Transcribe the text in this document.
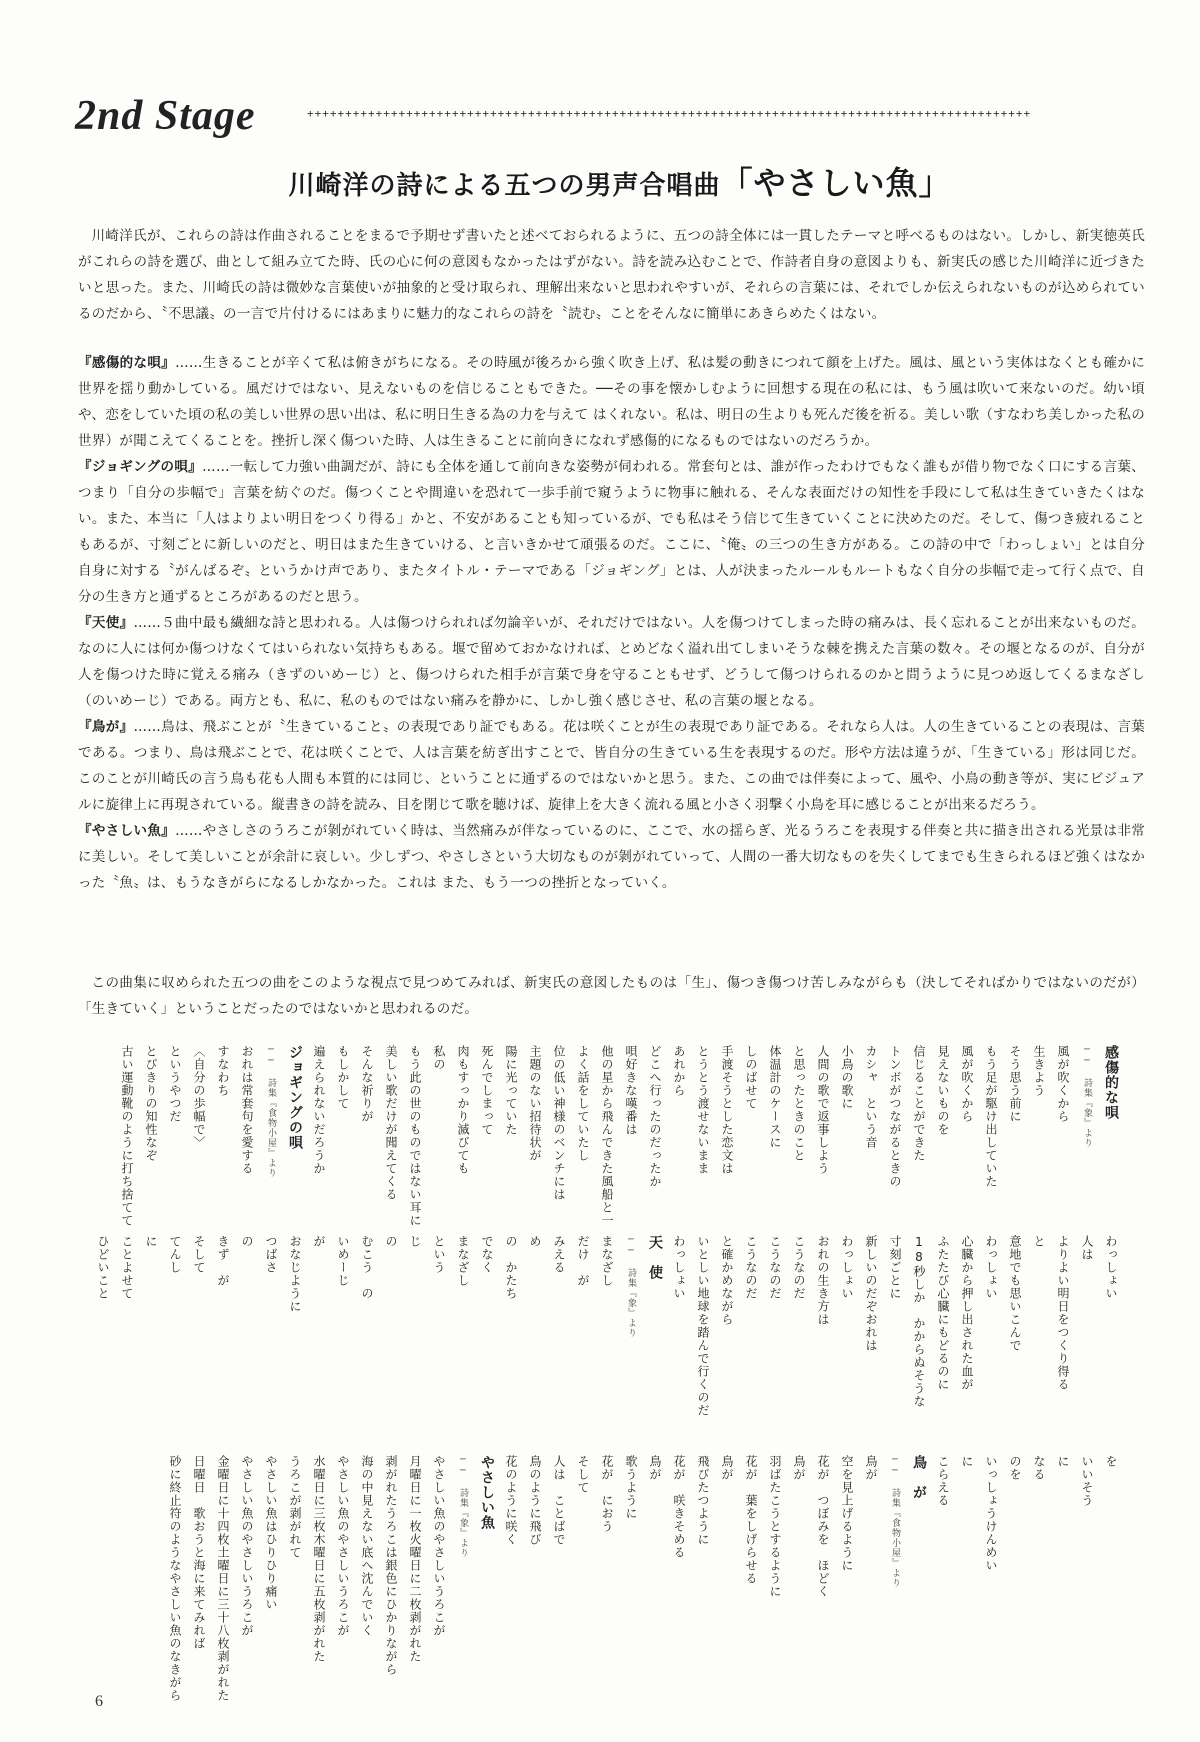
2nd Stage	+++++++++++++++++++++++++++++++++++++++++++++++++++++++++++++++++++++++++++++++++++++++++++++++
川崎洋の詩による五つの男声合唱曲「やさしい魚」
川崎洋氏が、これらの詩は作曲されることをまるで予期せず書いたと述べておられるように、五つの詩全体には一貫したテーマと呼べるものはない。しかし、新実徳英氏がこれらの詩を選び、曲として組み立てた時、氏の心に何の意図もなかったはずがない。詩を読み込むことで、作詩者自身の意図よりも、新実氏の感じた川崎洋に近づきたいと思った。また、川崎氏の詩は微妙な言葉使いが抽象的と受け取られ、理解出来ないと思われやすいが、それらの言葉には、それでしか伝えられないものが込められているのだから、〝不思議〟の一言で片付けるにはあまりに魅力的なこれらの詩を〝読む〟ことをそんなに簡単にあきらめたくはない。

『感傷的な唄』……生きることが辛くて私は俯きがちになる。その時風が後ろから強く吹き上げ、私は髪の動きにつれて顔を上げた。風は、風という実体はなくとも確かに世界を揺り動かしている。風だけではない、見えないものを信じることもできた。──その事を懐かしむように回想する現在の私には、もう風は吹いて来ないのだ。幼い頃や、恋をしていた頃の私の美しい世界の思い出は、私に明日生きる為の力を与えて はくれない。私は、明日の生よりも死んだ後を祈る。美しい歌（すなわち美しかった私の世界）が聞こえてくることを。挫折し深く傷ついた時、人は生きることに前向きになれず感傷的になるものではないのだろうか。

『ジョギングの唄』……一転して力強い曲調だが、詩にも全体を通して前向きな姿勢が伺われる。常套句とは、誰が作ったわけでもなく誰もが借り物でなく口にする言葉、つまり「自分の歩幅で」言葉を紡ぐのだ。傷つくことや間違いを恐れて一歩手前で窺うように物事に触れる、そんな表面だけの知性を手段にして私は生きていきたくはない。また、本当に「人はよりよい明日をつくり得る」かと、不安があることも知っているが、でも私はそう信じて生きていくことに決めたのだ。そして、傷つき疲れることもあるが、寸刻ごとに新しいのだと、明日はまた生きていける、と言いきかせて頑張るのだ。ここに、〝俺〟の三つの生き方がある。この詩の中で「わっしょい」とは自分自身に対する〝がんばるぞ〟というかけ声であり、またタイトル・テーマである「ジョギング」とは、人が決まったルールもルートもなく自分の歩幅で走って行く点で、自分の生き方と通ずるところがあるのだと思う。

『天使』……５曲中最も繊細な詩と思われる。人は傷つけられれば勿論辛いが、それだけではない。人を傷つけてしまった時の痛みは、長く忘れることが出来ないものだ。なのに人には何か傷つけなくてはいられない気持ちもある。堰で留めておかなければ、とめどなく溢れ出てしまいそうな棘を携えた言葉の数々。その堰となるのが、自分が人を傷つけた時に覚える痛み（きずのいめーじ）と、傷つけられた相手が言葉で身を守ることもせず、どうして傷つけられるのかと問うように見つめ返してくるまなざし（のいめーじ）である。両方とも、私に、私のものではない痛みを静かに、しかし強く感じさせ、私の言葉の堰となる。

『鳥が』……鳥は、飛ぶことが〝生きていること〟の表現であり証でもある。花は咲くことが生の表現であり証である。それなら人は。人の生きていることの表現は、言葉である。つまり、鳥は飛ぶことで、花は咲くことで、人は言葉を紡ぎ出すことで、皆自分の生きている生を表現するのだ。形や方法は違うが、「生きている」形は同じだ。このことが川崎氏の言う鳥も花も人間も本質的には同じ、ということに通ずるのではないかと思う。また、この曲では伴奏によって、風や、小鳥の動き等が、実にビジュアルに旋律上に再現されている。縦書きの詩を読み、目を閉じて歌を聴けば、旋律上を大きく流れる風と小さく羽撃く小鳥を耳に感じることが出来るだろう。

『やさしい魚』……やさしさのうろこが剝がれていく時は、当然痛みが伴なっているのに、ここで、水の揺らぎ、光るうろこを表現する伴奏と共に描き出される光景は非常に美しい。そして美しいことが余計に哀しい。少しずつ、やさしさという大切なものが剝がれていって、人間の一番大切なものを失くしてまでも生きられるほど強くはなかった〝魚〟は、もうなきがらになるしかなかった。これは また、もう一つの挫折となっていく。

この曲集に収められた五つの曲をこのような視点で見つめてみれば、新実氏の意図したものは「生」、傷つき傷つけ苦しみながらも（決してそればかりではないのだが）「生きていく」ということだったのではないかと思われるのだ。
感傷的な唄
── 詩集『象』より
風が吹くから
生きよう
そう思う前に
もう足が駆け出していた
風が吹くから
見えないものを
信じることができた
トンボがつながるときの
カシャ　という音
小鳥の歌に
人間の歌で返事しよう
と思ったときのこと
体温計のケースに
しのばせて
手渡そうとした恋文は
とうとう渡せないまま
あれから
どこへ行ったのだったか
唄好きな嘆番は
他の星から飛んできた風船と一
よく話をしていたし
位の低い神様のベンチには
主題のない招待状が
陽に光っていた
死んでしまって
肉もすっかり滅びても
私の
もう此の世のものではない耳に
美しい歌だけが聞えてくる
そんな祈りが
もしかして
遍えられないだろうか
ジョギングの唄
── 詩集『食物小屋』より
おれは常套句を愛する
すなわち
〈自分の歩幅で〉
というやつだ
とびきりの知性なぞ
古い運動靴のように打ち捨てて
わっしょい
人は
よりよい明日をつくり得る
と
意地でも思いこんで
わっしょい
心臓から押し出された血が
ふたたび心臓にもどるのに
18秒しか　かからぬそうな
寸刻ごとに
新しいのだぞおれは
わっしょい
おれの生き方は
こうなのだ
こうなのだ
こうなのだ
と確かめながら
いとしい地球を踏んで行くのだ
わっしょい
天　使
── 詩集『象』より
まなざし
だけ　が
みえる
め
の　かたち
でなく
まなざし
という
じ
の
むこう　の
いめーじ
が
おなじように
つばさ
の
きず　が
そして
てんし
に
ことよせて
ひどいこと
を
いいそう
に
なる
のを
いっしょうけんめい
に
こらえる
鳥　が
── 詩集『食物小屋』より
鳥が
空を見上げるように
花が　つぼみを　ほどく
鳥が
羽ばたこうとするように
花が　葉をしげらせる
鳥が
飛びたつように
花が　咲きそめる
鳥が
歌うように
花が　におう
そして
人は　ことばで
鳥のように飛び
花のように咲く
やさしい魚
── 詩集『象』より
やさしい魚のやさしいうろこが
月曜日に一枚火曜日に二枚剥がれた
剥がれたうろこは銀色にひかりながら
海の中見えない底へ沈んでいく
やさしい魚のやさしいうろこが
水曜日に三枚木曜日に五枚剥がれた
うろこが剥がれて
やさしい魚はひりひり痛い
やさしい魚のやさしいうろこが
金曜日に十四枚土曜日に三十八枚剥がれた
日曜日　歌おうと海に来てみれば
砂に終止符のようなやさしい魚のなきがら
6
